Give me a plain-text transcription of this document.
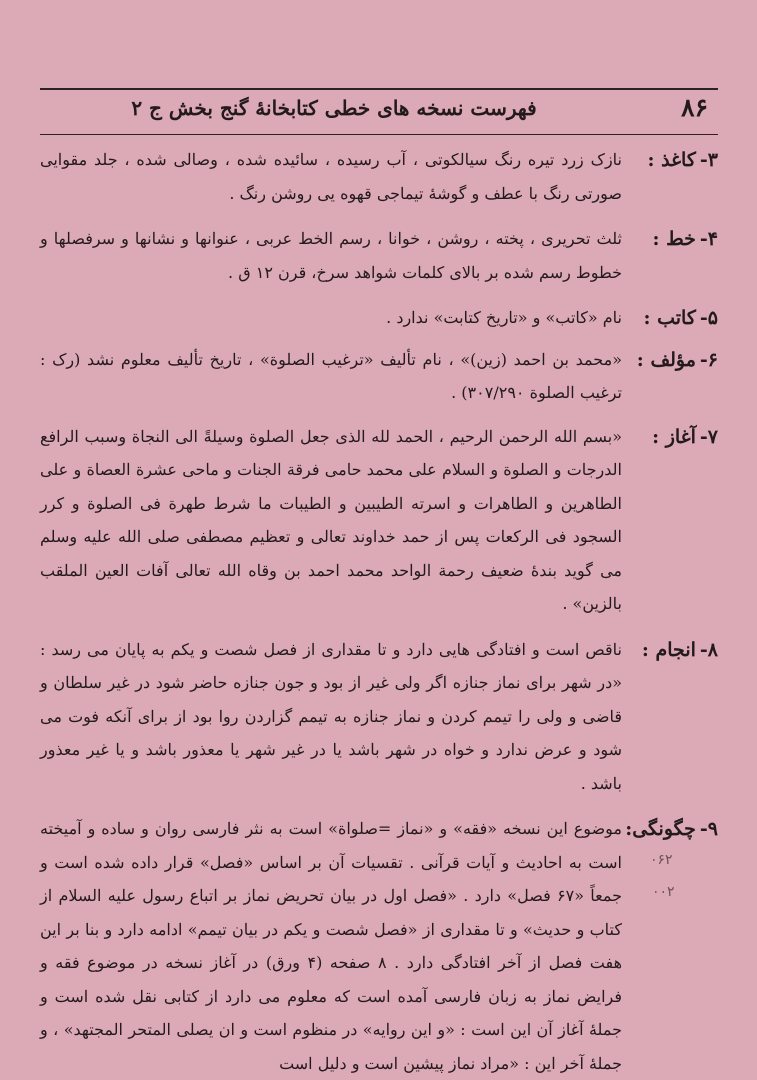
۸۶
فهرست نسخه های خطی کتابخانهٔ گنج بخش ج ۲
۳-کاغذ :
نازک زرد تیره رنگ سیالکوتی ، آب رسیده ، سائیده شده ، وصالی شده ، جلد مقوایی صورتی رنگ با عطف و گوشهٔ تیماجی قهوه یی روشن رنگ .
۴-خط :
ثلث تحریری ، پخته ، روشن ، خوانا ، رسم الخط عربی ، عنوانها و نشانها و سرفصلها و خطوط رسم شده بر بالای کلمات شواهد سرخ، قرن ۱۲ ق .
۵-کاتب :
نام «کاتب» و «تاریخ کتابت» ندارد .
۶-مؤلف :
«محمد بن احمد (زین)» ، نام تألیف «ترغیب الصلوة» ، تاریخ تألیف معلوم نشد (رک : ترغیب الصلوة ۳۰۷/۲۹۰) .
۷-آغاز :
«بسم الله الرحمن الرحیم ، الحمد لله الذی جعل الصلوة وسیلةً الی النجاة وسبب الرافع الدرجات و الصلوة و السلام علی محمد حامی فرقة الجنات و ماحی عشرة العصاة و علی الطاهرین و الطاهرات و اسرته الطیبین و الطیبات ما شرط طهرة فی الصلوة و کرر السجود فی الرکعات پس از حمد خداوند تعالی و تعظیم مصطفی صلی الله علیه وسلم می گوید بندهٔ ضعیف رحمة الواحد محمد احمد بن وقاه الله تعالی آفات العین الملقب بالزین» .
۸-انجام :
ناقص است و افتادگی هایی دارد و تا مقداری از فصل شصت و یکم به پایان می رسد : «در شهر برای نماز جنازه اگر ولی غیر از بود و جون جنازه حاضر شود در غیر سلطان و قاضی و ولی را تیمم کردن و نماز جنازه به تیمم گزاردن روا بود از برای آنکه فوت می شود و عرض ندارد و خواه در شهر باشد یا در غیر شهر یا معذور باشد و یا غیر معذور باشد .
۹-چگونگی:
موضوع این نسخه «فقه» و «نماز =صلواة» است به نثر فارسی روان و ساده و آمیخته است به احادیث و آیات قرآنی . تقسیات آن بر اساس «فصل» قرار داده شده است و جمعاً «۶۷ فصل» دارد . «فصل اول در بیان تحریض نماز بر اتباع رسول علیه السلام از کتاب و حدیث» و تا مقداری از «فصل شصت و یکم در بیان تیمم» ادامه دارد و بنا بر این هفت فصل از آخر افتادگی دارد . ۸ صفحه (۴ ورق) در آغاز نسخه در موضوع فقه و فرایض نماز به زبان فارسی آمده است که معلوم می دارد از کتابی نقل شده است و جملهٔ آغاز آن این است : «و این روایه» در منظوم است و ان یصلی المتحر المجتهد» ، و جملهٔ آخر این : «مراد نماز پیشین است و دلیل است
٠۶۲
٠٠۲
